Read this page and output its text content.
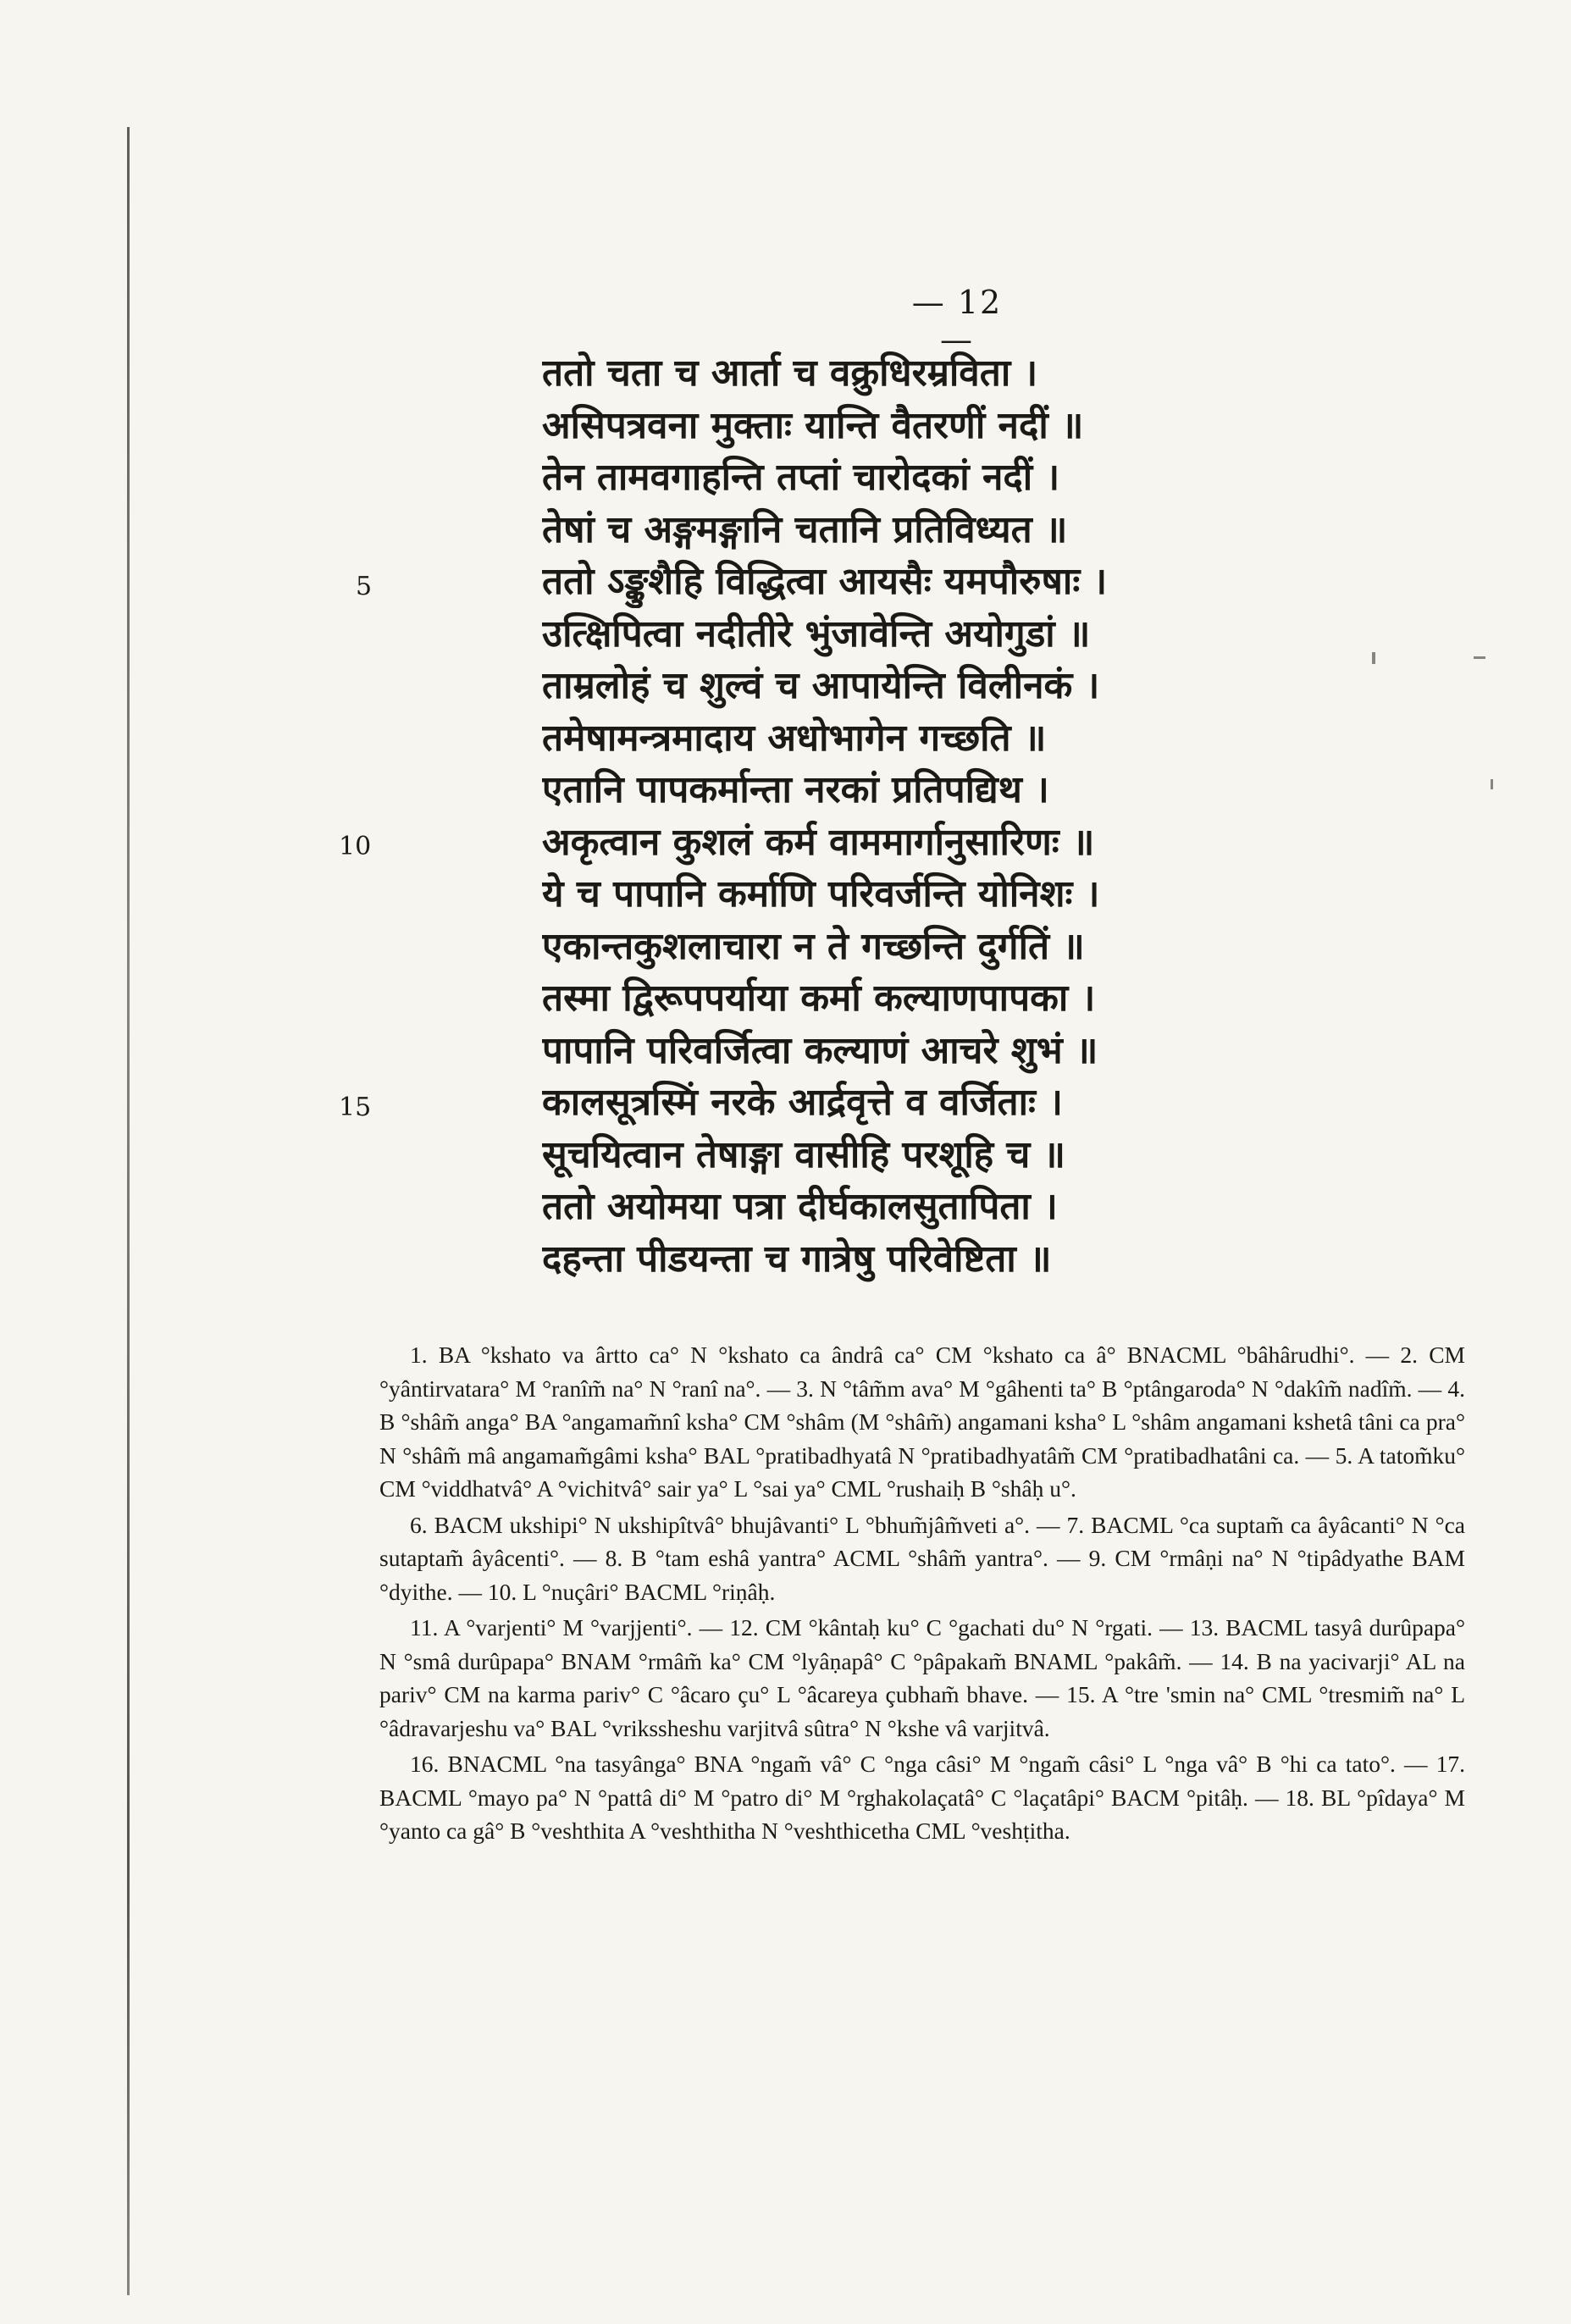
— 12 —
5
10
15
ततो चता च आर्ता च वक्रुधिरम्रविता ।
असिपत्रवना मुक्ताः यान्ति वैतरणीं नदीं ॥
तेन तामवगाहन्ति तप्तां चारोदकां नदीं ।
तेषां च अङ्गमङ्गानि चतानि प्रतिविध्यत ॥
ततो ऽङ्कुशैहि विद्धित्वा आयसैः यमपौरुषाः ।
उत्क्षिपित्वा नदीतीरे भुंजावेन्ति अयोगुडां ॥
ताम्रलोहं च शुल्वं च आपायेन्ति विलीनकं ।
तमेषामन्त्रमादाय अधोभागेन गच्छति ॥
एतानि पापकर्मान्ता नरकां प्रतिपद्यिथ ।
अकृत्वान कुशलं कर्म वाममार्गानुसारिणः ॥
ये च पापानि कर्माणि परिवर्जन्ति योनिशः ।
एकान्तकुशलाचारा न ते गच्छन्ति दुर्गतिं ॥
तस्मा द्विरूपपर्याया कर्मा कल्याणपापका ।
पापानि परिवर्जित्वा कल्याणं आचरे शुभं ॥
कालसूत्रस्मिं नरके आर्द्रवृत्ते व वर्जिताः ।
सूचयित्वान तेषाङ्गा वासीहि परशूहि च ॥
ततो अयोमया पत्रा दीर्घकालसुतापिता ।
दहन्ता पीडयन्ता च गात्रेषु परिवेष्टिता ॥

1. BA °kshato va ârtto ca° N °kshato ca ândrâ ca° CM °kshato ca â° BNACML °bâhârudhi°. — 2. CM °yântirvatara° M °ranîm̃ na° N °ranî na°. — 3. N °tâm̃m ava° M °gâhenti ta° B °ptângaroda° N °dakîm̃ nadîm̃. — 4. B °shâm̃ anga° BA °angamam̃nî ksha° CM °shâm (M °shâm̃) angamani ksha° L °shâm angamani kshetâ tâni ca pra° N °shâm̃ mâ angamam̃gâmi ksha° BAL °pratibadhyatâ N °pratibadhyatâm̃ CM °pratibadhatâni ca. — 5. A tatom̃ku° CM °viddhatvâ° A °vichitvâ° sair ya° L °sai ya° CML °rushaiḥ B °shâḥ u°.

6. BACM ukshipi° N ukshipîtvâ° bhujâvanti° L °bhum̃jâm̃veti a°. — 7. BACML °ca suptam̃ ca âyâcanti° N °ca sutaptam̃ âyâcenti°. — 8. B °tam eshâ yantra° ACML °shâm̃ yantra°. — 9. CM °rmâṇi na° N °tipâdyathe BAM °dyithe. — 10. L °nuçâri° BACML °riṇâḥ.

11. A °varjenti° M °varjjenti°. — 12. CM °kântaḥ ku° C °gachati du° N °rgati. — 13. BACML tasyâ durûpapa° N °smâ durûpapa° BNAM °rmâm̃ ka° CM °lyâṇapâ° C °pâpakam̃ BNAML °pakâm̃. — 14. B na yacivarji° AL na pariv° CM na karma pariv° C °âcaro çu° L °âcareya çubham̃ bhave. — 15. A °tre 'smin na° CML °tresmim̃ na° L °âdravarjeshu va° BAL °vrikssheshu varjitvâ sûtra° N °kshe vâ varjitvâ.

16. BNACML °na tasyânga° BNA °ngam̃ vâ° C °nga câsi° M °ngam̃ câsi° L °nga vâ° B °hi ca tato°. — 17. BACML °mayo pa° N °pattâ di° M °patro di° M °rghakolaçatâ° C °laçatâpi° BACM °pitâḥ. — 18. BL °pîdaya° M °yanto ca gâ° B °veshthita A °veshthitha N °veshthicetha CML °veshṭitha.
